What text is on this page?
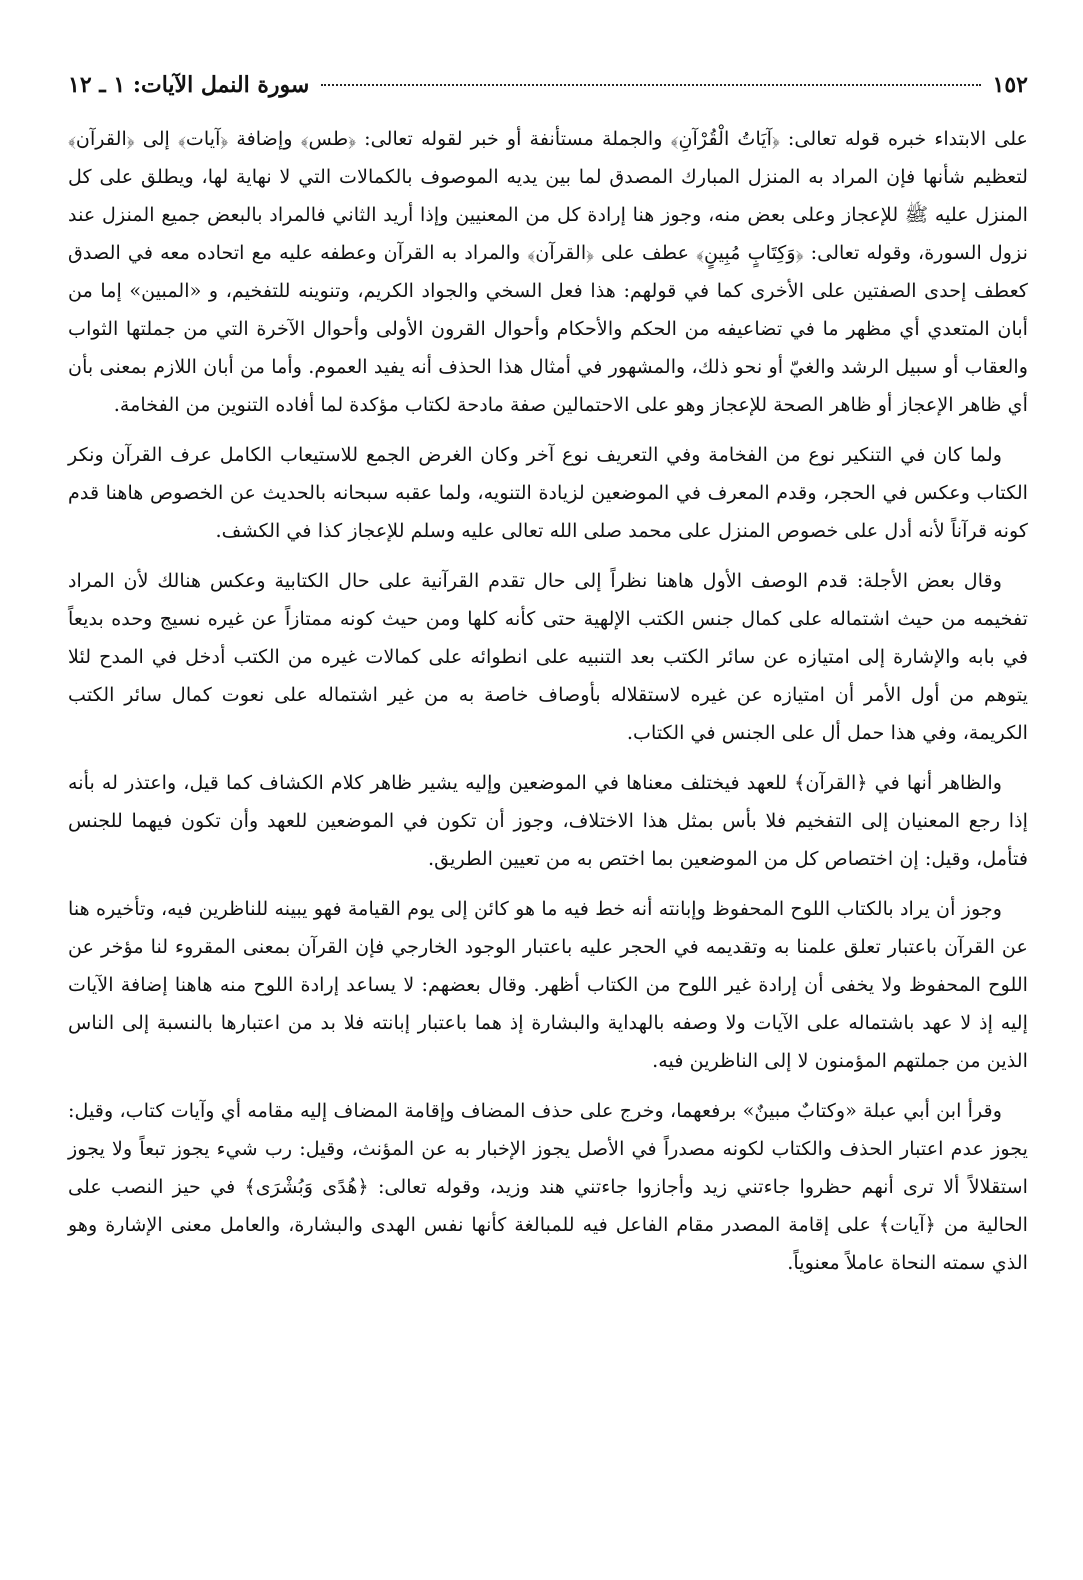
١٥٢
سورة النمل الآيات: ١ ـ ١٢

على الابتداء خبره قوله تعالى: ﴿آيَاتُ الْقُرْآنِ﴾ والجملة مستأنفة أو خبر لقوله تعالى: ﴿طس﴾ وإضافة ﴿آيات﴾ إلى ﴿القرآن﴾ لتعظيم شأنها فإن المراد به المنزل المبارك المصدق لما بين يديه الموصوف بالكمالات التي لا نهاية لها، ويطلق على كل المنزل عليه ﷺ للإعجاز وعلى بعض منه، وجوز هنا إرادة كل من المعنيين وإذا أريد الثاني فالمراد بالبعض جميع المنزل عند نزول السورة، وقوله تعالى: ﴿وَكِتَابٍ مُبِينٍ﴾ عطف على ﴿القرآن﴾ والمراد به القرآن وعطفه عليه مع اتحاده معه في الصدق كعطف إحدى الصفتين على الأخرى كما في قولهم: هذا فعل السخي والجواد الكريم، وتنوينه للتفخيم، و «المبين» إما من أبان المتعدي أي مظهر ما في تضاعيفه من الحكم والأحكام وأحوال القرون الأولى وأحوال الآخرة التي من جملتها الثواب والعقاب أو سبيل الرشد والغيّ أو نحو ذلك، والمشهور في أمثال هذا الحذف أنه يفيد العموم. وأما من أبان اللازم بمعنى بأن أي ظاهر الإعجاز أو ظاهر الصحة للإعجاز وهو على الاحتمالين صفة مادحة لكتاب مؤكدة لما أفاده التنوين من الفخامة.

ولما كان في التنكير نوع من الفخامة وفي التعريف نوع آخر وكان الغرض الجمع للاستيعاب الكامل عرف القرآن ونكر الكتاب وعكس في الحجر، وقدم المعرف في الموضعين لزيادة التنويه، ولما عقبه سبحانه بالحديث عن الخصوص هاهنا قدم كونه قرآناً لأنه أدل على خصوص المنزل على محمد صلى الله تعالى عليه وسلم للإعجاز كذا في الكشف.

وقال بعض الأجلة: قدم الوصف الأول هاهنا نظراً إلى حال تقدم القرآنية على حال الكتابية وعكس هنالك لأن المراد تفخيمه من حيث اشتماله على كمال جنس الكتب الإلهية حتى كأنه كلها ومن حيث كونه ممتازاً عن غيره نسيج وحده بديعاً في بابه والإشارة إلى امتيازه عن سائر الكتب بعد التنبيه على انطوائه على كمالات غيره من الكتب أدخل في المدح لئلا يتوهم من أول الأمر أن امتيازه عن غيره لاستقلاله بأوصاف خاصة به من غير اشتماله على نعوت كمال سائر الكتب الكريمة، وفي هذا حمل أل على الجنس في الكتاب.

والظاهر أنها في ﴿القرآن﴾ للعهد فيختلف معناها في الموضعين وإليه يشير ظاهر كلام الكشاف كما قيل، واعتذر له بأنه إذا رجع المعنيان إلى التفخيم فلا بأس بمثل هذا الاختلاف، وجوز أن تكون في الموضعين للعهد وأن تكون فيهما للجنس فتأمل، وقيل: إن اختصاص كل من الموضعين بما اختص به من تعيين الطريق.

وجوز أن يراد بالكتاب اللوح المحفوظ وإبانته أنه خط فيه ما هو كائن إلى يوم القيامة فهو يبينه للناظرين فيه، وتأخيره هنا عن القرآن باعتبار تعلق علمنا به وتقديمه في الحجر عليه باعتبار الوجود الخارجي فإن القرآن بمعنى المقروء لنا مؤخر عن اللوح المحفوظ ولا يخفى أن إرادة غير اللوح من الكتاب أظهر. وقال بعضهم: لا يساعد إرادة اللوح منه هاهنا إضافة الآيات إليه إذ لا عهد باشتماله على الآيات ولا وصفه بالهداية والبشارة إذ هما باعتبار إبانته فلا بد من اعتبارها بالنسبة إلى الناس الذين من جملتهم المؤمنون لا إلى الناظرين فيه.

وقرأ ابن أبي عبلة «وكتابٌ مبينٌ» برفعهما، وخرج على حذف المضاف وإقامة المضاف إليه مقامه أي وآيات كتاب، وقيل: يجوز عدم اعتبار الحذف والكتاب لكونه مصدراً في الأصل يجوز الإخبار به عن المؤنث، وقيل: رب شيء يجوز تبعاً ولا يجوز استقلالاً ألا ترى أنهم حظروا جاءتني زيد وأجازوا جاءتني هند وزيد، وقوله تعالى: ﴿هُدًى وَبُشْرَى﴾ في حيز النصب على الحالية من ﴿آيات﴾ على إقامة المصدر مقام الفاعل فيه للمبالغة كأنها نفس الهدى والبشارة، والعامل معنى الإشارة وهو الذي سمته النحاة عاملاً معنوياً.
